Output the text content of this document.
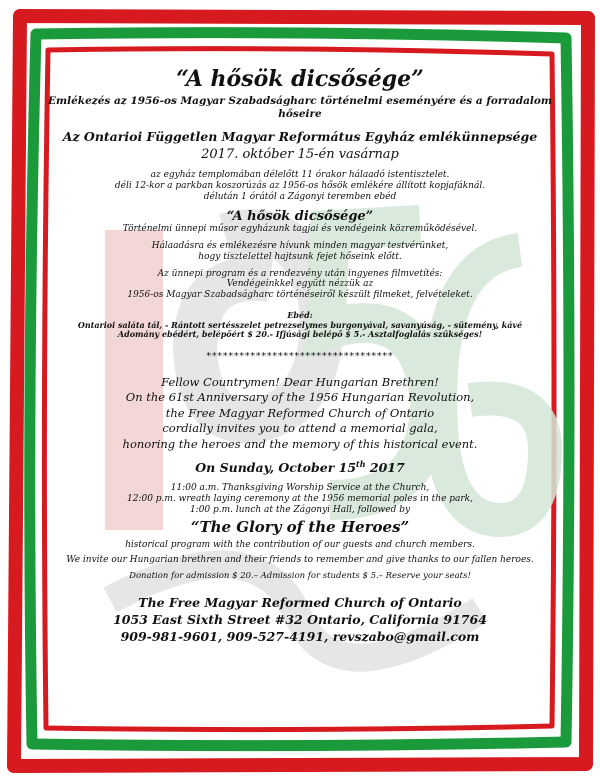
“A hősök dicsősége”
Emlékezés az 1956-os Magyar Szabadságharc történelmi eseményére és a forradalom hőseire
Az Ontarioi Független Magyar Református Egyház emlékünnepsége
2017. október 15-én vasárnap
az egyház templomában délelőtt 11 órakor hálaadó istentisztelet.
déli 12-kor a parkban koszorúzás az 1956-os hősök emlékére állított kopjafáknál.
délután 1 órától a Zágonyi teremben ebéd
“A hősök dicsősége”
Történelmi ünnepi műsor egyházunk tagjai és vendégeink közreműködésével.
Hálaadásra és emlékezésre hívunk minden magyar testvérünket,
hogy tisztelettel hajtsunk fejet hőseink előtt.
Az ünnepi program és a rendezvény után ingyenes filmvetítés:
Vendégeinkkel együtt nézzük az
1956-os Magyar Szabadságharc történéseiről készült filmeket, felvételeket.
Ebéd:
Ontarioi saláta tál, - Rántott sertésszelet petrezselymes burgonyával, savanyúság, - sütemény, kávé
Adomány ebédért, belépőért $ 20.- Ifjúsági belépő $ 5.- Asztalfoglalás szükséges!
**********************************
Fellow Countrymen! Dear Hungarian Brethren!
On the 61st Anniversary of the 1956 Hungarian Revolution,
the Free Magyar Reformed Church of Ontario
cordially invites you to attend a memorial gala,
honoring the heroes and the memory of this historical event.
On Sunday, October 15th 2017
11:00 a.m. Thanksgiving Worship Service at the Church,
12:00 p.m. wreath laying ceremony at the 1956 memorial poles in the park,
1:00 p.m. lunch at the Zágonyi Hall, followed by
“The Glory of the Heroes”
historical program with the contribution of our guests and church members.
We invite our Hungarian brethren and their friends to remember and give thanks to our fallen heroes.
Donation for admission $ 20.– Admission for students $ 5.– Reserve your seats!
The Free Magyar Reformed Church of Ontario
1053 East Sixth Street #32 Ontario, California 91764
909-981-9601, 909-527-4191, revszabo@gmail.com
